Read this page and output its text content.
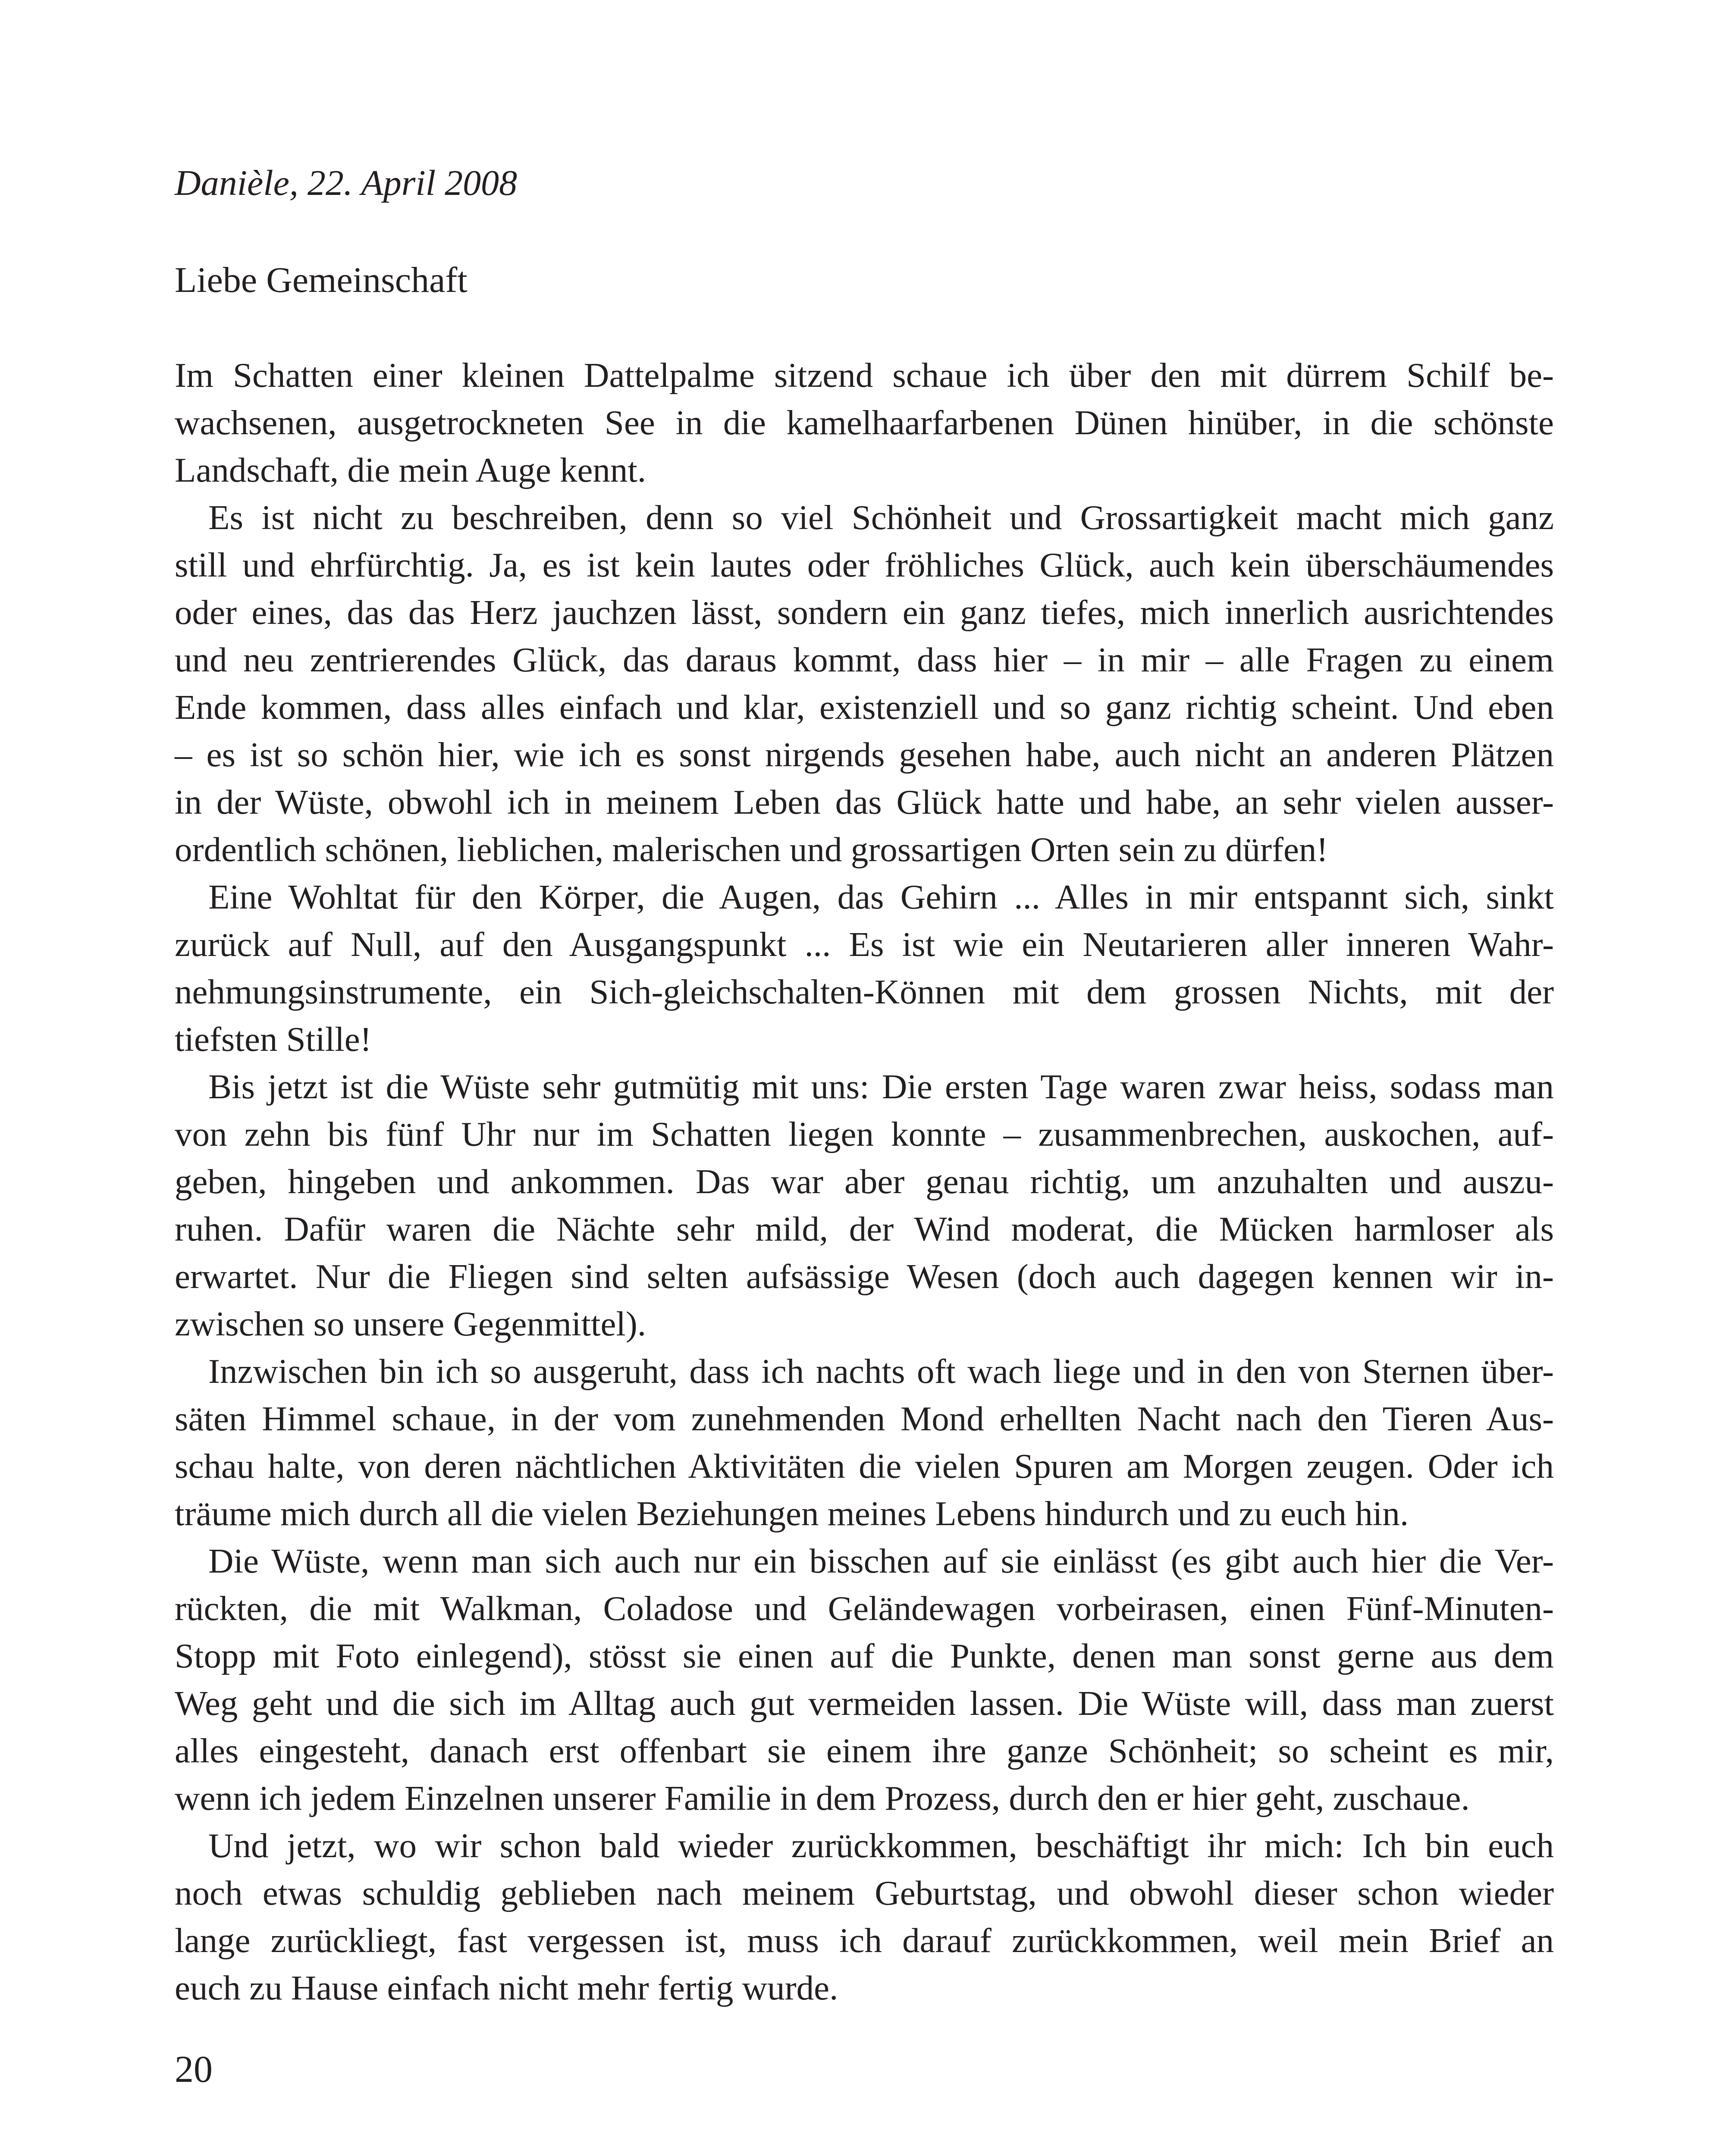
Danièle, 22. April 2008
Liebe Gemeinschaft
Im Schatten einer kleinen Dattelpalme sitzend schaue ich über den mit dürrem Schilf be-
wachsenen, ausgetrockneten See in die kamelhaarfarbenen Dünen hinüber, in die schönste
Landschaft, die mein Auge kennt.
Es ist nicht zu beschreiben, denn so viel Schönheit und Grossartigkeit macht mich ganz
still und ehrfürchtig. Ja, es ist kein lautes oder fröhliches Glück, auch kein überschäumendes
oder eines, das das Herz jauchzen lässt, sondern ein ganz tiefes, mich innerlich ausrichtendes
und neu zentrierendes Glück, das daraus kommt, dass hier – in mir – alle Fragen zu einem
Ende kommen, dass alles einfach und klar, existenziell und so ganz richtig scheint. Und eben
– es ist so schön hier, wie ich es sonst nirgends gesehen habe, auch nicht an anderen Plätzen
in der Wüste, obwohl ich in meinem Leben das Glück hatte und habe, an sehr vielen ausser-
ordentlich schönen, lieblichen, malerischen und grossartigen Orten sein zu dürfen!
Eine Wohltat für den Körper, die Augen, das Gehirn ... Alles in mir entspannt sich, sinkt
zurück auf Null, auf den Ausgangspunkt ... Es ist wie ein Neutarieren aller inneren Wahr-
nehmungsinstrumente, ein Sich-gleichschalten-Können mit dem grossen Nichts, mit der
tiefsten Stille!
Bis jetzt ist die Wüste sehr gutmütig mit uns: Die ersten Tage waren zwar heiss, sodass man
von zehn bis fünf Uhr nur im Schatten liegen konnte – zusammenbrechen, auskochen, auf-
geben, hingeben und ankommen. Das war aber genau richtig, um anzuhalten und auszu-
ruhen. Dafür waren die Nächte sehr mild, der Wind moderat, die Mücken harmloser als
erwartet. Nur die Fliegen sind selten aufsässige Wesen (doch auch dagegen kennen wir in-
zwischen so unsere Gegenmittel).
Inzwischen bin ich so ausgeruht, dass ich nachts oft wach liege und in den von Sternen über-
säten Himmel schaue, in der vom zunehmenden Mond erhellten Nacht nach den Tieren Aus-
schau halte, von deren nächtlichen Aktivitäten die vielen Spuren am Morgen zeugen. Oder ich
träume mich durch all die vielen Beziehungen meines Lebens hindurch und zu euch hin.
Die Wüste, wenn man sich auch nur ein bisschen auf sie einlässt (es gibt auch hier die Ver-
rückten, die mit Walkman, Coladose und Geländewagen vorbeirasen, einen Fünf-Minuten-
Stopp mit Foto einlegend), stösst sie einen auf die Punkte, denen man sonst gerne aus dem
Weg geht und die sich im Alltag auch gut vermeiden lassen. Die Wüste will, dass man zuerst
alles eingesteht, danach erst offenbart sie einem ihre ganze Schönheit; so scheint es mir,
wenn ich jedem Einzelnen unserer Familie in dem Prozess, durch den er hier geht, zuschaue.
Und jetzt, wo wir schon bald wieder zurückkommen, beschäftigt ihr mich: Ich bin euch
noch etwas schuldig geblieben nach meinem Geburtstag, und obwohl dieser schon wieder
lange zurückliegt, fast vergessen ist, muss ich darauf zurückkommen, weil mein Brief an
euch zu Hause einfach nicht mehr fertig wurde.
20
